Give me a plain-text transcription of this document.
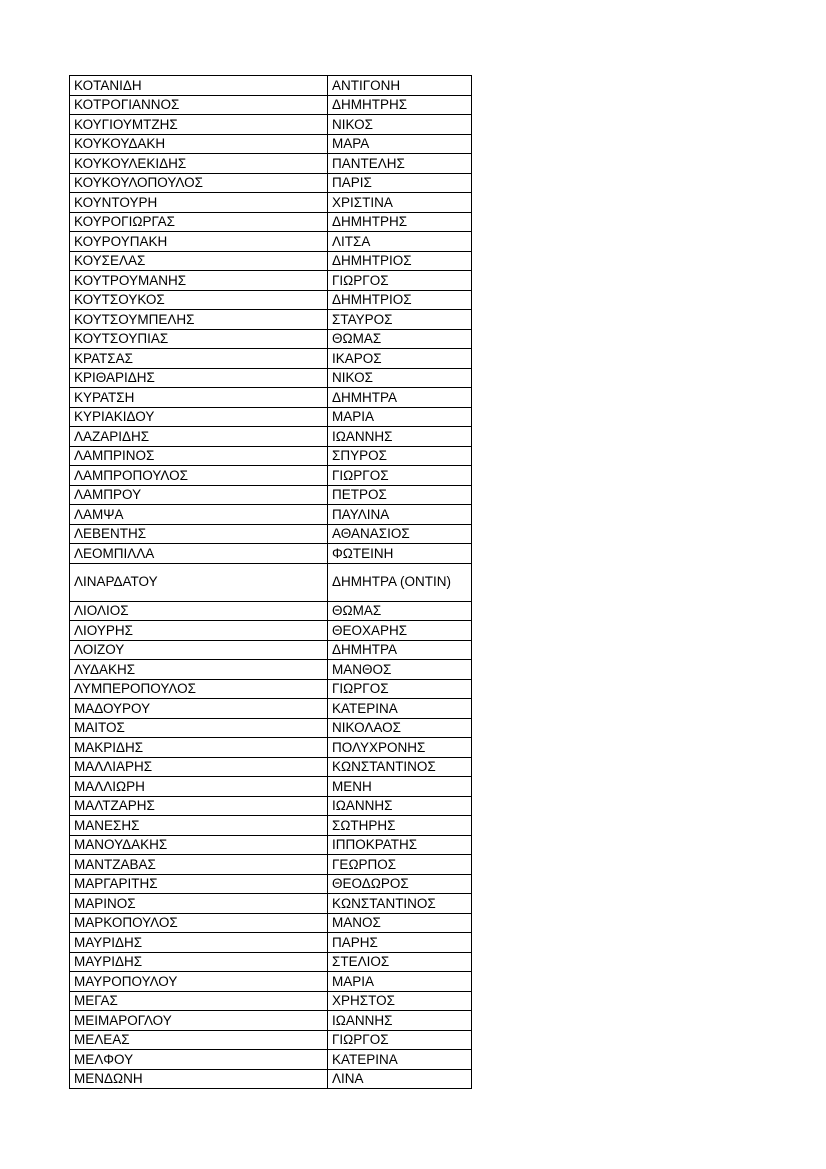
ΚΟΤΑΝΙΔΗ	ΑΝΤΙΓΟΝΗ
ΚΟΤΡΟΓΙΑΝΝΟΣ	ΔΗΜΗΤΡΗΣ
ΚΟΥΓΙΟΥΜΤΖΗΣ	ΝΙΚΟΣ
ΚΟΥΚΟΥΔΑΚΗ	ΜΑΡΑ
ΚΟΥΚΟΥΛΕΚΙΔΗΣ	ΠΑΝΤΕΛΗΣ
ΚΟΥΚΟΥΛΟΠΟΥΛΟΣ	ΠΑΡΙΣ
ΚΟΥΝΤΟΥΡΗ	ΧΡΙΣΤΙΝΑ
ΚΟΥΡΟΓΙΩΡΓΑΣ	ΔΗΜΗΤΡΗΣ
ΚΟΥΡΟΥΠΑΚΗ	ΛΙΤΣΑ
ΚΟΥΣΕΛΑΣ	ΔΗΜΗΤΡΙΟΣ
ΚΟΥΤΡΟΥΜΑΝΗΣ	ΓΙΩΡΓΟΣ
ΚΟΥΤΣΟΥΚΟΣ	ΔΗΜΗΤΡΙΟΣ
ΚΟΥΤΣΟΥΜΠΕΛΗΣ	ΣΤΑΥΡΟΣ
ΚΟΥΤΣΟΥΠΙΑΣ	ΘΩΜΑΣ
ΚΡΑΤΣΑΣ	ΙΚΑΡΟΣ
ΚΡΙΘΑΡΙΔΗΣ	ΝΙΚΟΣ
ΚΥΡΑΤΣΗ	ΔΗΜΗΤΡΑ
ΚΥΡΙΑΚΙΔΟΥ	ΜΑΡΙΑ
ΛΑΖΑΡΙΔΗΣ	ΙΩΑΝΝΗΣ
ΛΑΜΠΡΙΝΟΣ	ΣΠΥΡΟΣ
ΛΑΜΠΡΟΠΟΥΛΟΣ	ΓΙΩΡΓΟΣ
ΛΑΜΠΡΟΥ	ΠΕΤΡΟΣ
ΛΑΜΨΑ	ΠΑΥΛΙΝΑ
ΛΕΒΕΝΤΗΣ	ΑΘΑΝΑΣΙΟΣ
ΛΕΟΜΠΙΛΛΑ	ΦΩΤΕΙΝΗ
ΛΙΝΑΡΔΑΤΟΥ	ΔΗΜΗΤΡΑ (ΟΝΤΙΝ)
ΛΙΟΛΙΟΣ	ΘΩΜΑΣ
ΛΙΟΥΡΗΣ	ΘΕΟΧΑΡΗΣ
ΛΟΙΖΟΥ	ΔΗΜΗΤΡΑ
ΛΥΔΑΚΗΣ	ΜΑΝΘΟΣ
ΛΥΜΠΕΡΟΠΟΥΛΟΣ	ΓΙΩΡΓΟΣ
ΜΑΔΟΥΡΟΥ	ΚΑΤΕΡΙΝΑ
ΜΑΙΤΟΣ	ΝΙΚΟΛΑΟΣ
ΜΑΚΡΙΔΗΣ	ΠΟΛΥΧΡΟΝΗΣ
ΜΑΛΛΙΑΡΗΣ	ΚΩΝΣΤΑΝΤΙΝΟΣ
ΜΑΛΛΙΩΡΗ	ΜΕΝΗ
ΜΑΛΤΖΑΡΗΣ	ΙΩΑΝΝΗΣ
ΜΑΝΕΣΗΣ	ΣΩΤΗΡΗΣ
ΜΑΝΟΥΔΑΚΗΣ	ΙΠΠΟΚΡΑΤΗΣ
ΜΑΝΤΖΑΒΑΣ	ΓΕΩΡΠΟΣ
ΜΑΡΓΑΡΙΤΗΣ	ΘΕΟΔΩΡΟΣ
ΜΑΡΙΝΟΣ	ΚΩΝΣΤΑΝΤΙΝΟΣ
ΜΑΡΚΟΠΟΥΛΟΣ	ΜΑΝΟΣ
ΜΑΥΡΙΔΗΣ	ΠΑΡΗΣ
ΜΑΥΡΙΔΗΣ	ΣΤΕΛΙΟΣ
ΜΑΥΡΟΠΟΥΛΟΥ	ΜΑΡΙΑ
ΜΕΓΑΣ	ΧΡΗΣΤΟΣ
ΜΕΙΜΑΡΟΓΛΟΥ	ΙΩΑΝΝΗΣ
ΜΕΛΕΑΣ	ΓΙΩΡΓΟΣ
ΜΕΛΦΟΥ	ΚΑΤΕΡΙΝΑ
ΜΕΝΔΩΝΗ	ΛΙΝΑ
